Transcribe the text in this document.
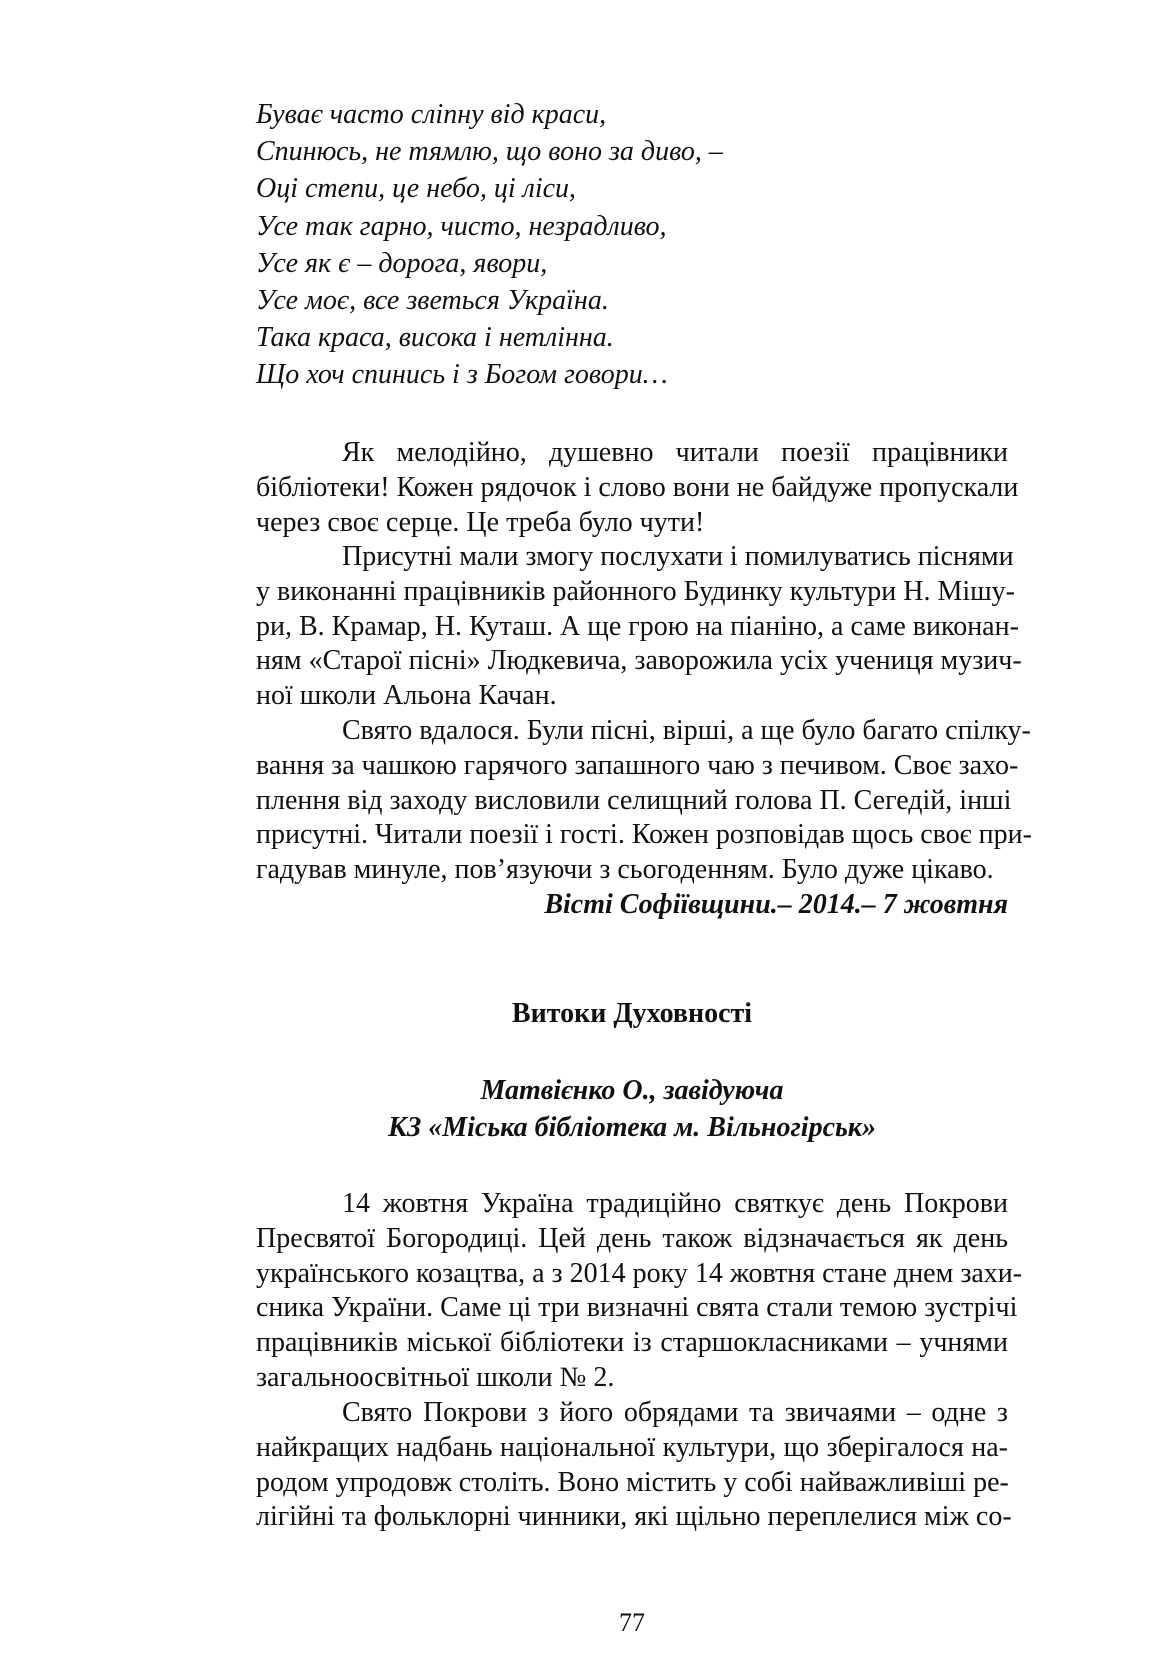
Буває часто сліпну від краси,
Спинюсь, не тямлю, що воно за диво, –
Оці степи, це небо, ці ліси,
Усе так гарно, чисто, незрадливо,
Усе як є – дорога, явори,
Усе моє, все зветься Україна.
Така краса, висока і нетлінна.
Що хоч спинись і з Богом говори…
Як мелодійно, душевно читали поезії працівники
бібліотеки! Кожен рядочок і слово вони не байдуже пропускали
через своє серце. Це треба було чути!
Присутні мали змогу послухати і помилуватись піснями
у виконанні працівників районного Будинку культури Н. Мішу-
ри, В. Крамар, Н. Куташ. А ще грою на піаніно, а саме виконан-
ням «Старої пісні» Людкевича, заворожила усіх учениця музич-
ної школи Альона Качан.
Свято вдалося. Були пісні, вірші, а ще було багато спілку-
вання за чашкою гарячого запашного чаю з печивом. Своє захо-
плення від заходу висловили селищний голова П. Сегедій, інші
присутні. Читали поезії і гості. Кожен розповідав щось своє при-
гадував минуле, пов’язуючи з сьогоденням. Було дуже цікаво.
Вісті Софіївщини.– 2014.– 7 жовтня
Витоки Духовності
Матвієнко О., завідуюча
КЗ «Міська бібліотека м. Вільногірськ»
14 жовтня Україна традиційно святкує день Покрови
Пресвятої Богородиці. Цей день також відзначається як день
українського козацтва, а з 2014 року 14 жовтня стане днем захи-
сника України. Саме ці три визначні свята стали темою зустрічі
працівників міської бібліотеки із старшокласниками – учнями
загальноосвітньої школи № 2.
Свято Покрови з його обрядами та звичаями – одне з
найкращих надбань національної культури, що зберігалося на-
родом упродовж століть. Воно містить у собі найважливіші ре-
лігійні та фольклорні чинники, які щільно переплелися між со-
77
